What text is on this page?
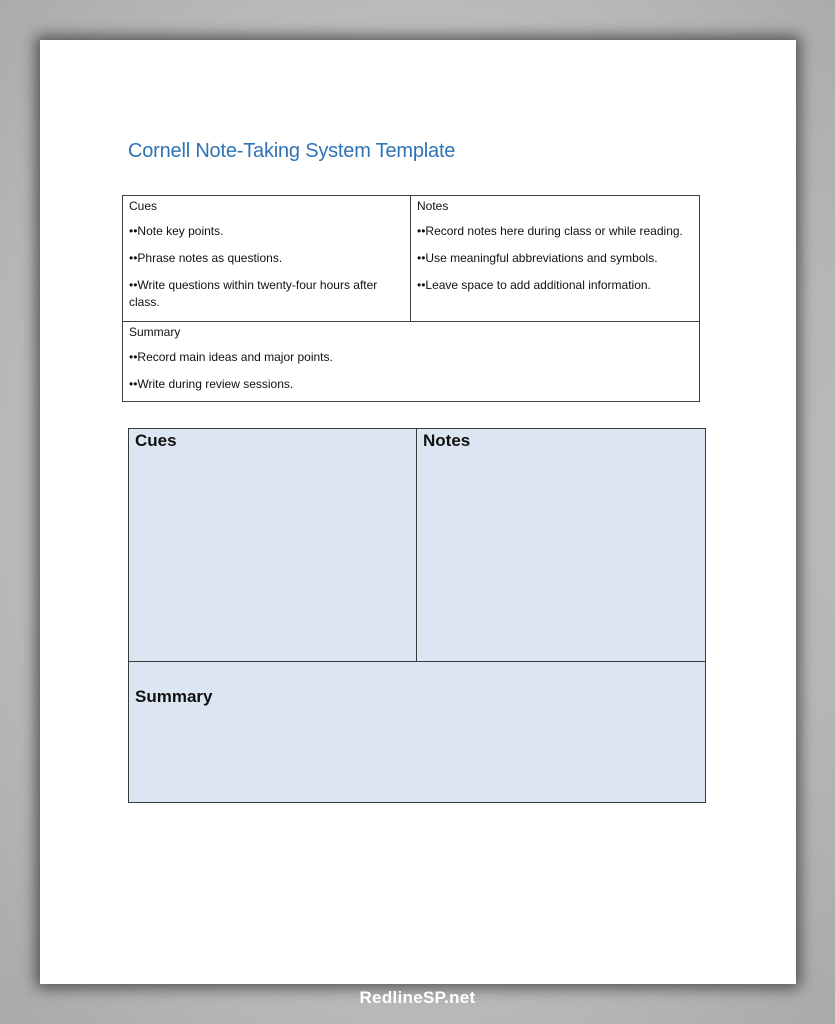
Cornell Note-Taking System Template
Cues
••Note key points.
••Phrase notes as questions.
••Write questions within twenty-four hours after class.
Notes
••Record notes here during class or while reading.
••Use meaningful abbreviations and symbols.
••Leave space to add additional information.
Summary
••Record main ideas and major points.
••Write during review sessions.
Cues	Notes
Summary
RedlineSP.net
